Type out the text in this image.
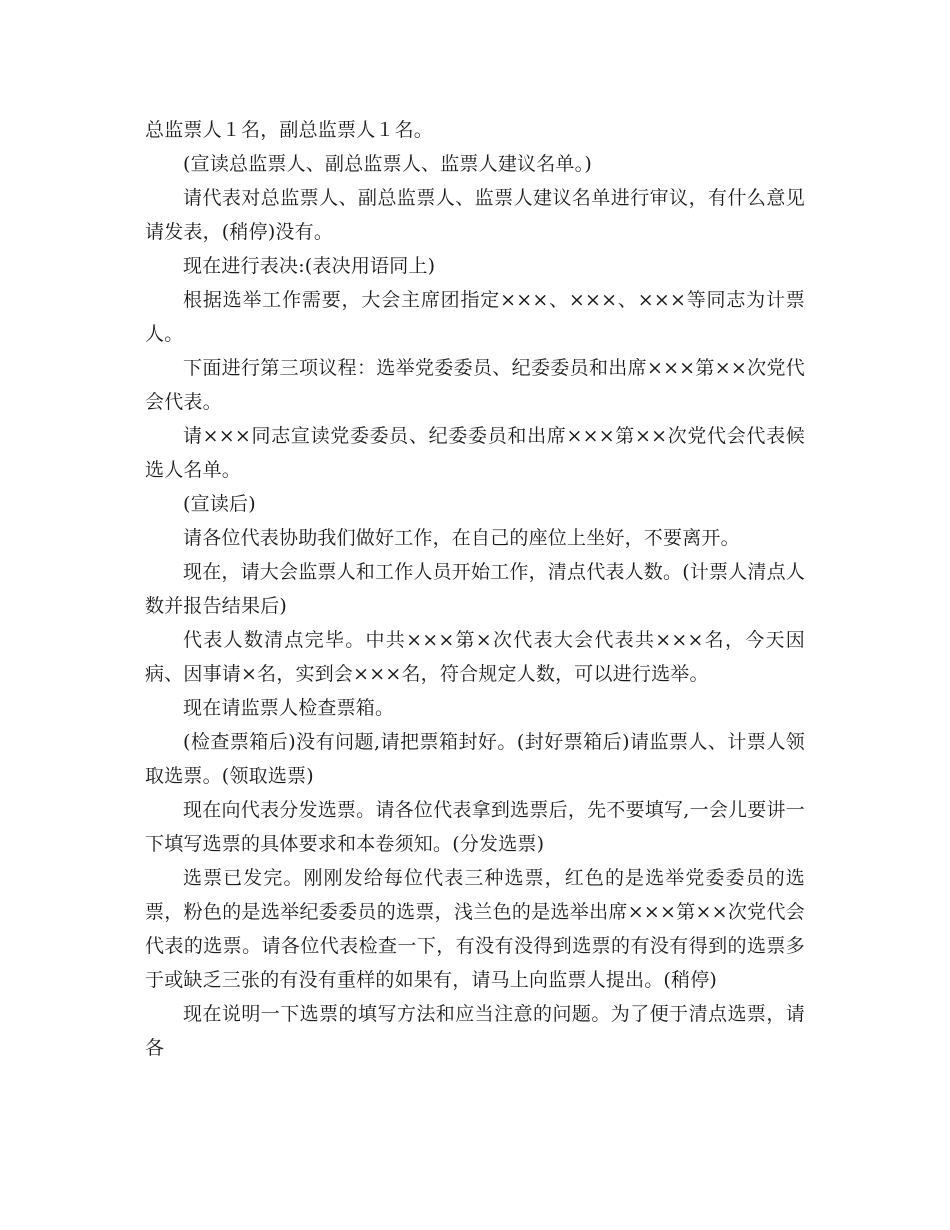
总监票人１名，副总监票人１名。

(宣读总监票人、副总监票人、监票人建议名单。)

请代表对总监票人、副总监票人、监票人建议名单进行审议，有什么意见请发表，(稍停)没有。

现在进行表决:(表决用语同上)

根据选举工作需要，大会主席团指定×××、×××、×××等同志为计票人。

下面进行第三项议程：选举党委委员、纪委委员和出席×××第××次党代会代表。

请×××同志宣读党委委员、纪委委员和出席×××第××次党代会代表候选人名单。

(宣读后)

请各位代表协助我们做好工作，在自己的座位上坐好，不要离开。

现在，请大会监票人和工作人员开始工作，清点代表人数。(计票人清点人数并报告结果后)

代表人数清点完毕。中共×××第×次代表大会代表共×××名，今天因病、因事请×名，实到会×××名，符合规定人数，可以进行选举。

现在请监票人检查票箱。

(检查票箱后)没有问题,请把票箱封好。(封好票箱后)请监票人、计票人领取选票。(领取选票)

现在向代表分发选票。请各位代表拿到选票后，先不要填写,一会儿要讲一下填写选票的具体要求和本卷须知。(分发选票)

选票已发完。刚刚发给每位代表三种选票，红色的是选举党委委员的选票，粉色的是选举纪委委员的选票，浅兰色的是选举出席×××第××次党代会代表的选票。请各位代表检查一下，有没有没得到选票的有没有得到的选票多于或缺乏三张的有没有重样的如果有，请马上向监票人提出。(稍停)

现在说明一下选票的填写方法和应当注意的问题。为了便于清点选票，请各
